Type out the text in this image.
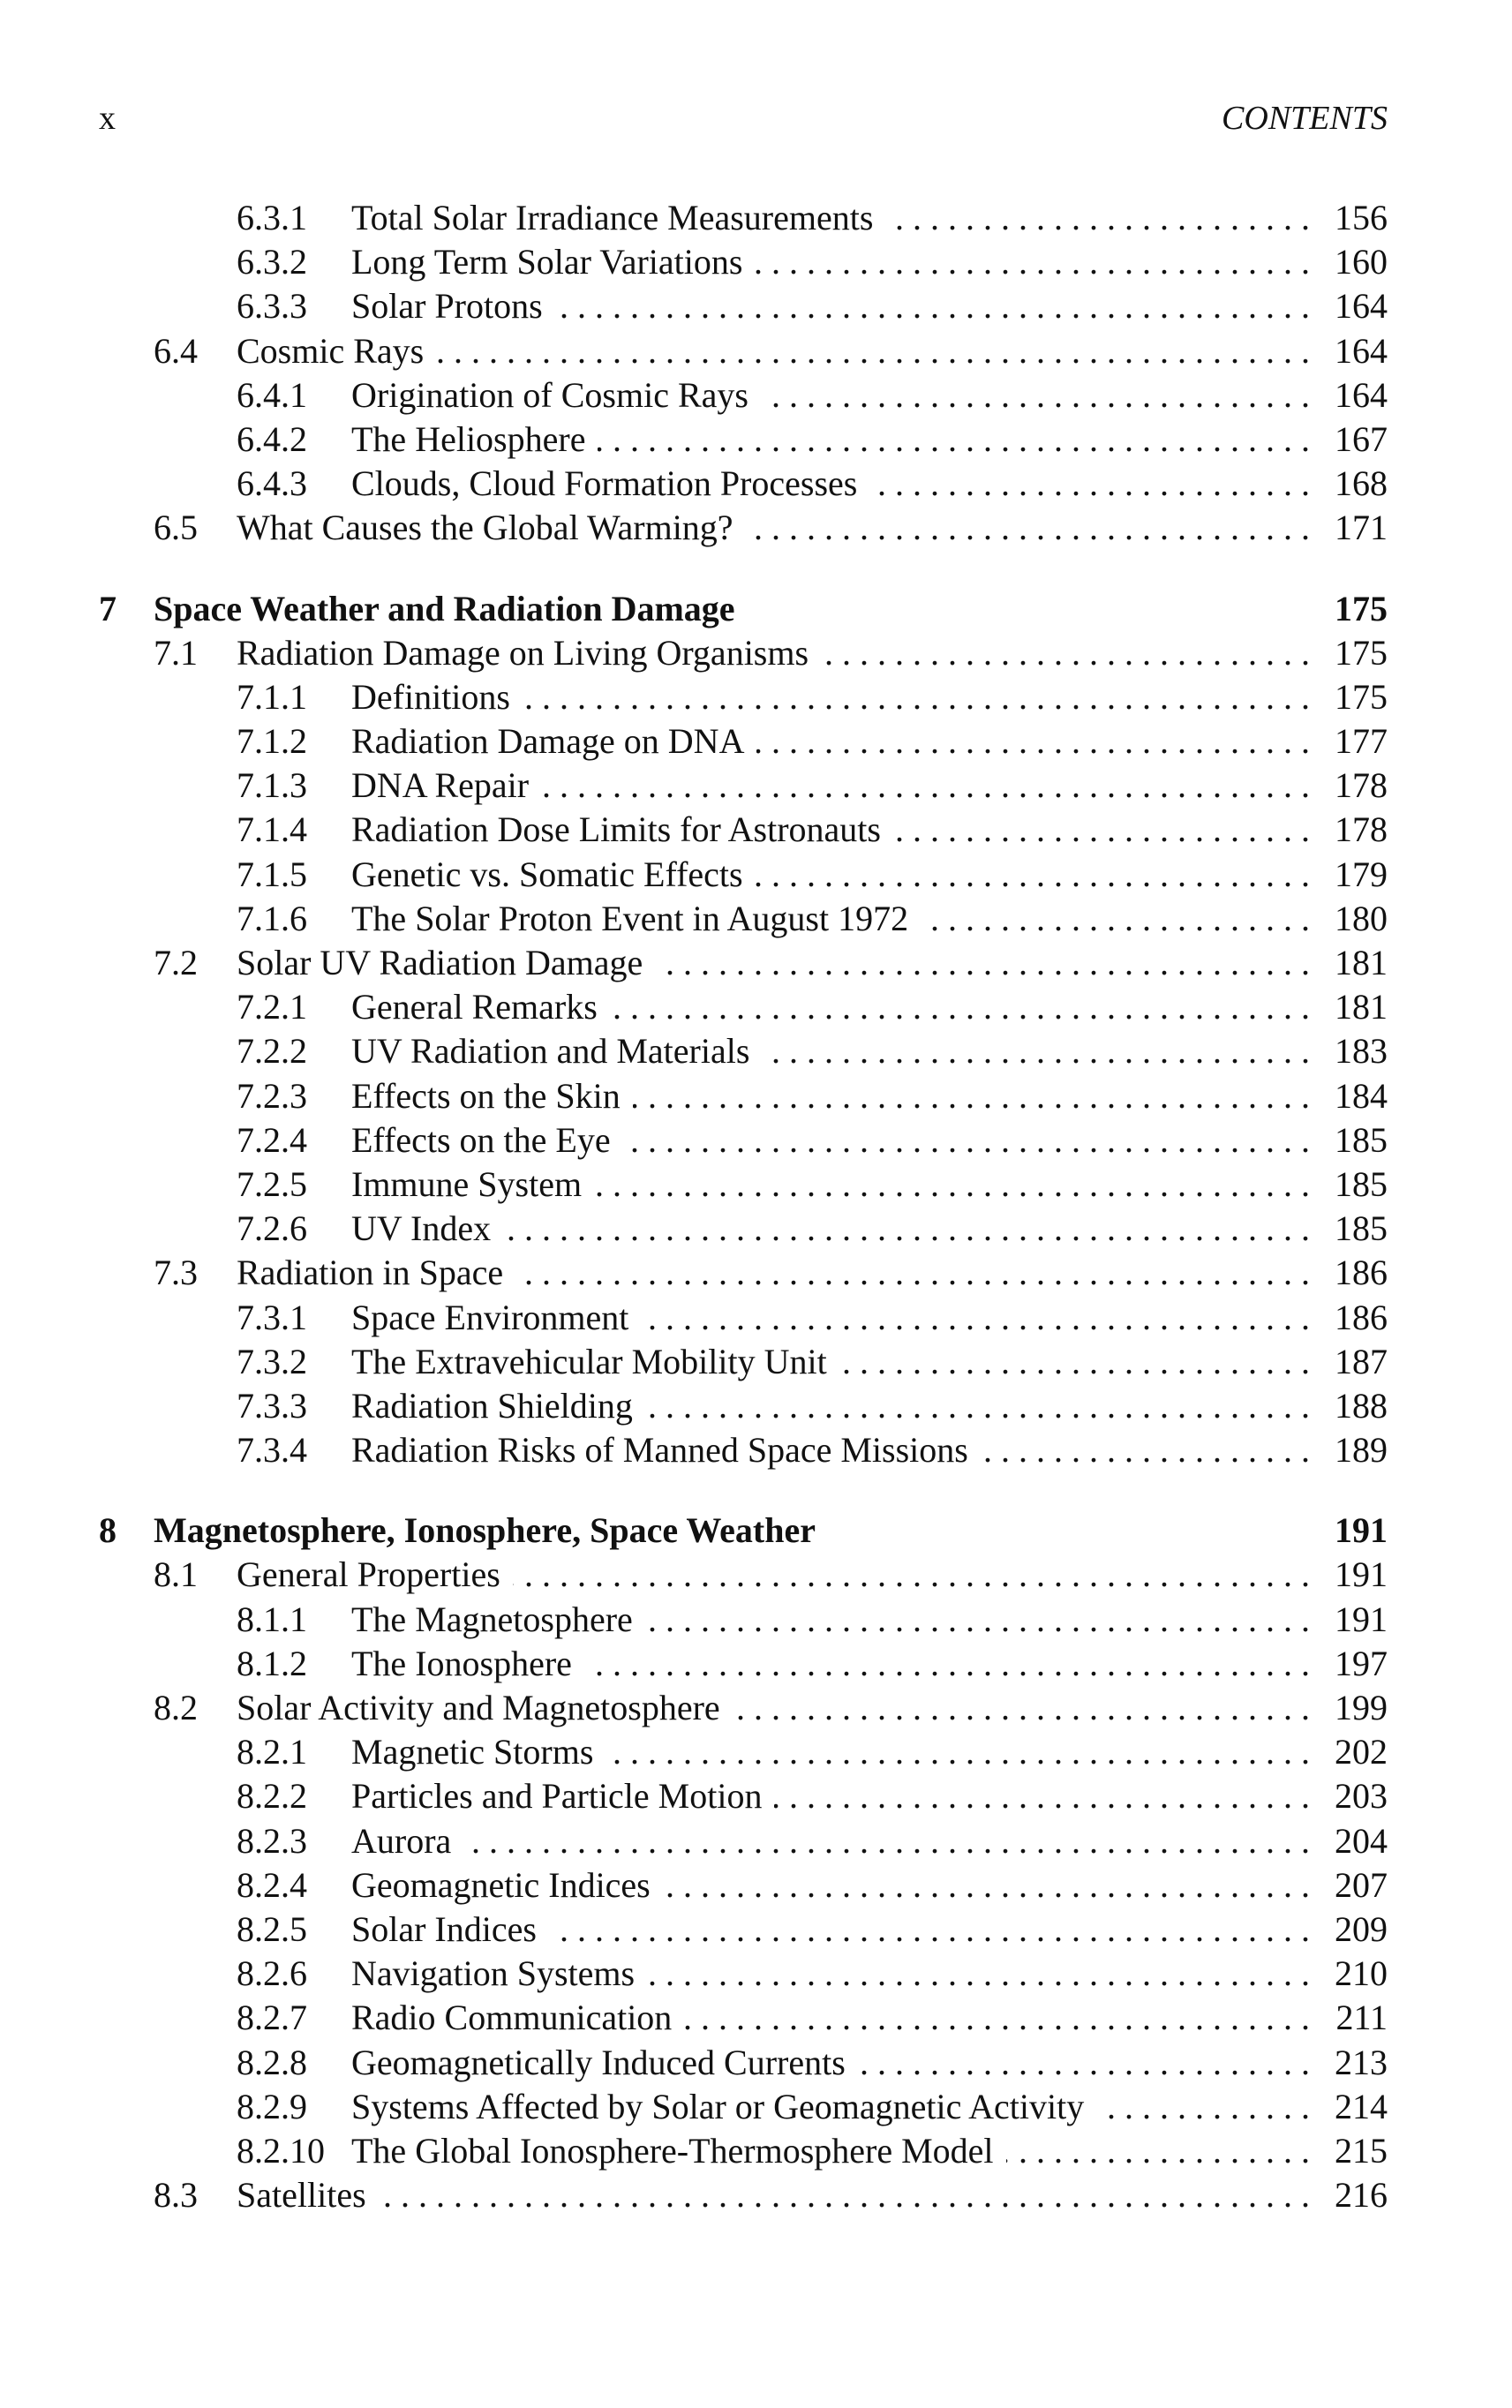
x	CONTENTS
6.3.1	Total Solar Irradiance Measurements . . .	156
6.3.2	Long Term Solar Variations . . .	160
6.3.3	Solar Protons . . .	164
6.4	Cosmic Rays . . .	164
6.4.1	Origination of Cosmic Rays . . .	164
6.4.2	The Heliosphere . . .	167
6.4.3	Clouds, Cloud Formation Processes . . .	168
6.5	What Causes the Global Warming? . . .	171
7	Space Weather and Radiation Damage	175
7.1	Radiation Damage on Living Organisms . . .	175
7.1.1	Definitions . . .	175
7.1.2	Radiation Damage on DNA . . .	177
7.1.3	DNA Repair . . .	178
7.1.4	Radiation Dose Limits for Astronauts . . .	178
7.1.5	Genetic vs. Somatic Effects . . .	179
7.1.6	The Solar Proton Event in August 1972 . . .	180
7.2	Solar UV Radiation Damage . . .	181
7.2.1	General Remarks . . .	181
7.2.2	UV Radiation and Materials . . .	183
7.2.3	Effects on the Skin . . .	184
7.2.4	Effects on the Eye . . .	185
7.2.5	Immune System . . .	185
7.2.6	UV Index . . .	185
7.3	Radiation in Space . . .	186
7.3.1	Space Environment . . .	186
7.3.2	The Extravehicular Mobility Unit . . .	187
7.3.3	Radiation Shielding . . .	188
7.3.4	Radiation Risks of Manned Space Missions . . .	189
8	Magnetosphere, Ionosphere, Space Weather	191
8.1	General Properties . . .	191
8.1.1	The Magnetosphere . . .	191
8.1.2	The Ionosphere . . .	197
8.2	Solar Activity and Magnetosphere . . .	199
8.2.1	Magnetic Storms . . .	202
8.2.2	Particles and Particle Motion . . .	203
8.2.3	Aurora . . .	204
8.2.4	Geomagnetic Indices . . .	207
8.2.5	Solar Indices . . .	209
8.2.6	Navigation Systems . . .	210
8.2.7	Radio Communication . . .	211
8.2.8	Geomagnetically Induced Currents . . .	213
8.2.9	Systems Affected by Solar or Geomagnetic Activity . . .	214
8.2.10 The Global Ionosphere-Thermosphere Model . . .	215
8.3	Satellites . . .	216
